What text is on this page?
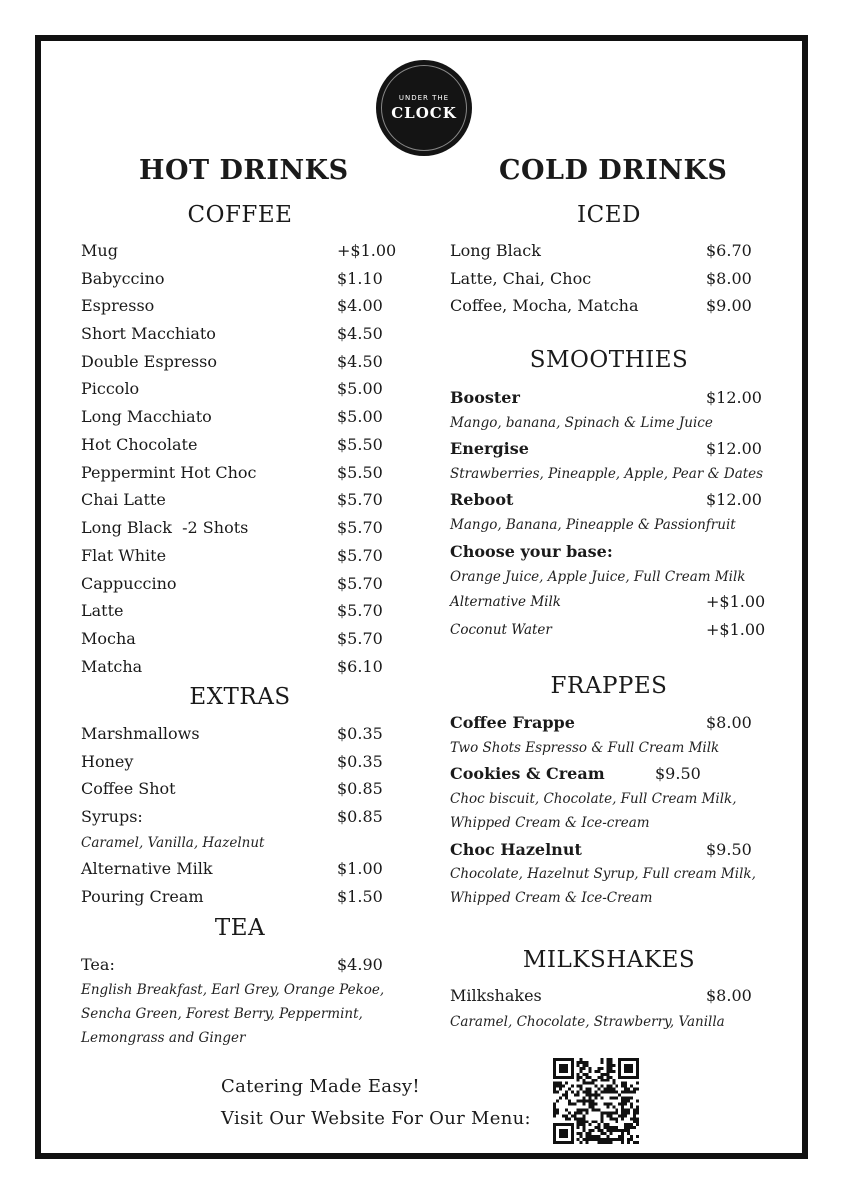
UNDER THE
CLOCK
HOT DRINKS
COFFEE
Mug	+$1.00
Babyccino	$1.10
Espresso	$4.00
Short Macchiato	$4.50
Double Espresso	$4.50
Piccolo	$5.00
Long Macchiato	$5.00
Hot Chocolate	$5.50
Peppermint Hot Choc	$5.50
Chai Latte	$5.70
Long Black  -2 Shots	$5.70
Flat White	$5.70
Cappuccino	$5.70
Latte	$5.70
Mocha	$5.70
Matcha	$6.10
EXTRAS
Marshmallows	$0.35
Honey	$0.35
Coffee Shot	$0.85
Syrups:	$0.85
Caramel, Vanilla, Hazelnut
Alternative Milk	$1.00
Pouring Cream	$1.50
TEA
Tea:	$4.90
English Breakfast, Earl Grey, Orange Pekoe,
Sencha Green, Forest Berry, Peppermint,
Lemongrass and Ginger
COLD DRINKS
ICED
Long Black	$6.70
Latte, Chai, Choc	$8.00
Coffee, Mocha, Matcha	$9.00
SMOOTHIES
Booster	$12.00
Mango, banana, Spinach & Lime Juice
Energise	$12.00
Strawberries, Pineapple, Apple, Pear & Dates
Reboot	$12.00
Mango, Banana, Pineapple & Passionfruit
Choose your base:
Orange Juice, Apple Juice, Full Cream Milk
Alternative Milk	+$1.00
Coconut Water	+$1.00
FRAPPES
Coffee Frappe	$8.00
Two Shots Espresso & Full Cream Milk
Cookies & Cream	$9.50
Choc biscuit, Chocolate, Full Cream Milk,
Whipped Cream & Ice-cream
Choc Hazelnut	$9.50
Chocolate, Hazelnut Syrup, Full cream Milk,
Whipped Cream & Ice-Cream
MILKSHAKES
Milkshakes	$8.00
Caramel, Chocolate, Strawberry, Vanilla
Catering Made Easy!
Visit Our Website For Our Menu:
